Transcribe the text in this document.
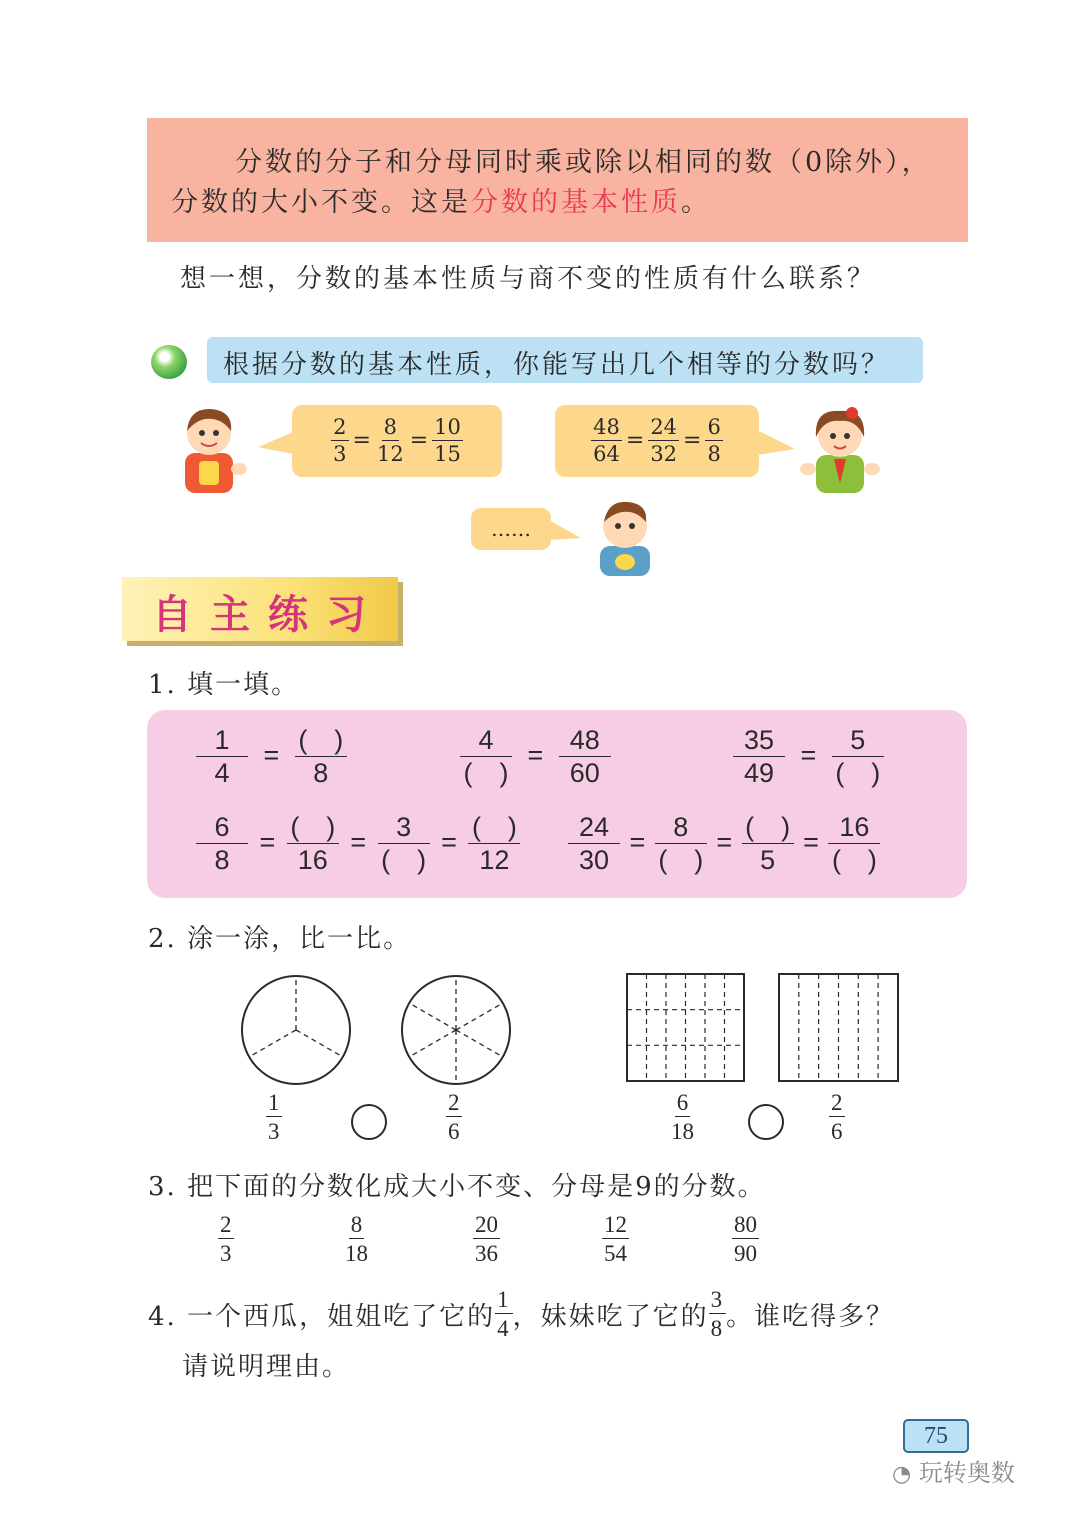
分数的分子和分母同时乘或除以相同的数（0除外），
分数的大小不变。这是分数的基本性质。
想一想，分数的基本性质与商不变的性质有什么联系？
根据分数的基本性质，你能写出几个相等的分数吗？
$\frac{2}{3} = \frac{8}{12} = \frac{10}{15}$	$\frac{48}{64} = \frac{24}{32} = \frac{6}{8}$
……
自主练习
1. 填一填。
$\frac{1}{4} = \frac{( )}{8}$	$\frac{4}{( )} = \frac{48}{60}$	$\frac{35}{49} = \frac{5}{( )}$
$\frac{6}{8} = \frac{( )}{16} = \frac{3}{( )} = \frac{( )}{12} \frac{24}{30} = \frac{8}{( )} = \frac{( )}{5} = \frac{16}{( )}$
2. 涂一涂，比一比。
$\frac{1}{3}$	$\frac{2}{6}$	$\frac{6}{18}$	$\frac{2}{6}$
3. 把下面的分数化成大小不变、分母是9的分数。
$\frac{2}{3}$	$\frac{8}{18}$	$\frac{20}{36}$	$\frac{12}{54}$	$\frac{80}{90}$
4. 一个西瓜，姐姐吃了它的 $\frac{1}{4}$ ，妹妹吃了它的 $\frac{3}{8}$ 。谁吃得多？
请说明理由。
75
◔ 玩转奥数
